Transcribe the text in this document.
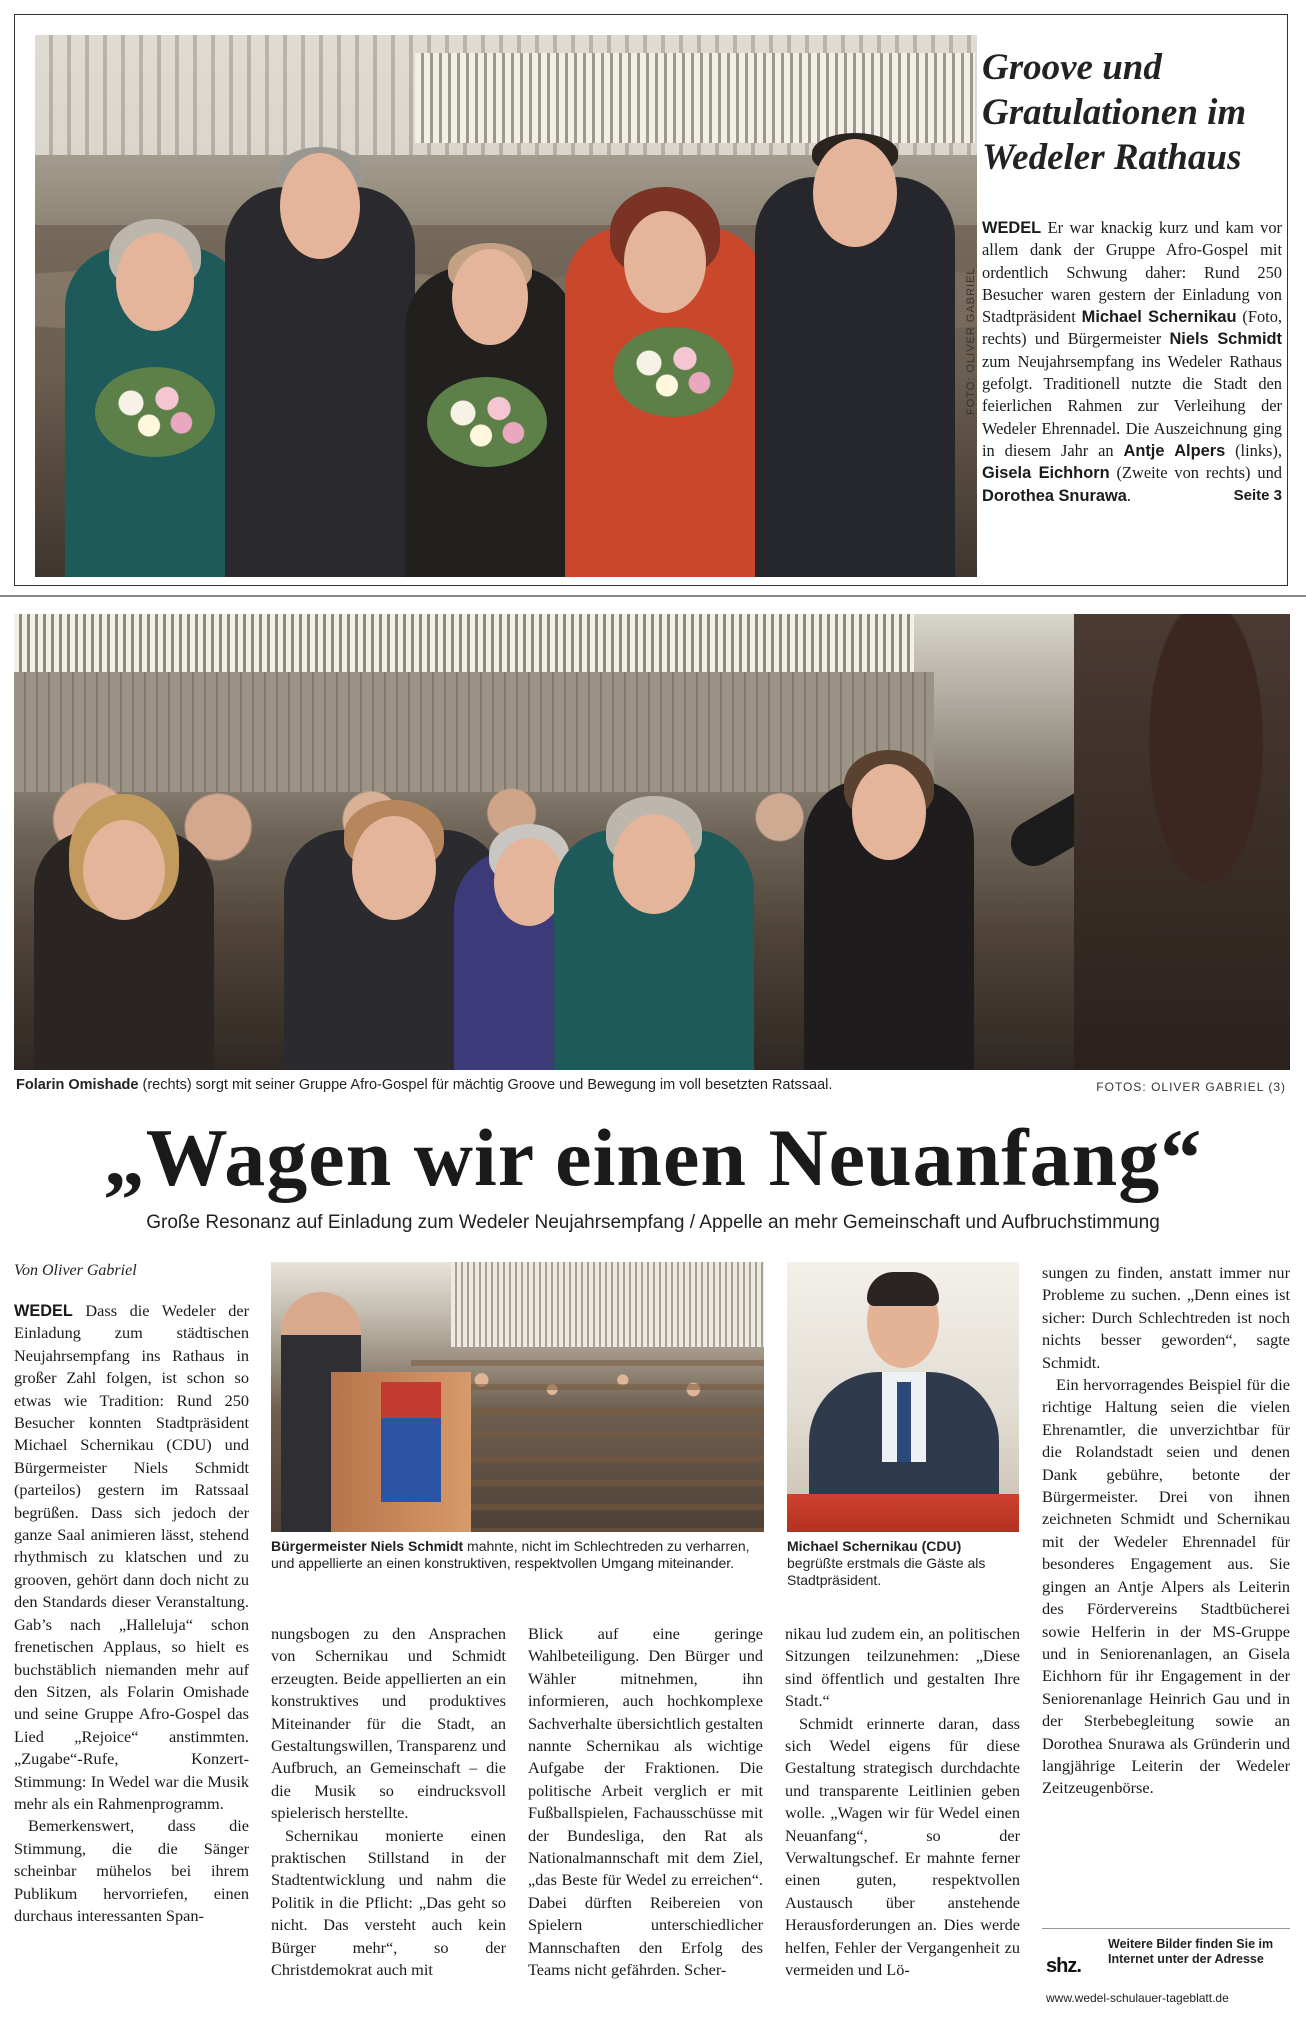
FOTO: OLIVER GABRIEL
Groove und Gratulationen im Wedeler Rathaus
WEDEL Er war knackig kurz und kam vor allem dank der Gruppe Afro-Gospel mit ordentlich Schwung daher: Rund 250 Besucher waren gestern der Einladung von Stadtpräsident Michael Schernikau (Foto, rechts) und Bürgermeister Niels Schmidt zum Neujahrsempfang ins Wedeler Rathaus gefolgt. Traditionell nutzte die Stadt den feierlichen Rahmen zur Verleihung der Wedeler Ehrennadel. Die Auszeichnung ging in diesem Jahr an Antje Alpers (links), Gisela Eichhorn (Zweite von rechts) und Dorothea Snurawa.	Seite 3
Folarin Omishade (rechts) sorgt mit seiner Gruppe Afro-Gospel für mächtig Groove und Bewegung im voll besetzten Ratssaal.	FOTOS: OLIVER GABRIEL (3)
„Wagen wir einen Neuanfang“
Große Resonanz auf Einladung zum Wedeler Neujahrsempfang / Appelle an mehr Gemeinschaft und Aufbruchstimmung
Von Oliver Gabriel

WEDEL Dass die Wedeler der Einladung zum städtischen Neujahrsempfang ins Rathaus in großer Zahl folgen, ist schon so etwas wie Tradition: Rund 250 Besucher konnten Stadtpräsident Michael Schernikau (CDU) und Bürgermeister Niels Schmidt (parteilos) gestern im Ratssaal begrüßen. Dass sich jedoch der ganze Saal animieren lässt, stehend rhythmisch zu klatschen und zu grooven, gehört dann doch nicht zu den Standards dieser Veranstaltung. Gab’s nach „Halleluja“ schon frenetischen Applaus, so hielt es buchstäblich niemanden mehr auf den Sitzen, als Folarin Omishade und seine Gruppe Afro-Gospel das Lied „Rejoice“ anstimmten. „Zugabe“-Rufe, Konzert-Stimmung: In Wedel war die Musik mehr als ein Rahmenprogramm.

Bemerkenswert, dass die Stimmung, die die Sänger scheinbar mühelos bei ihrem Publikum hervorriefen, einen durchaus interessanten Span-

Bürgermeister Niels Schmidt mahnte, nicht im Schlechtreden zu verharren, und appellierte an einen konstruktiven, respektvollen Umgang miteinander.
Michael Schernikau (CDU) begrüßte erstmals die Gäste als Stadtpräsident.

nungsbogen zu den Ansprachen von Schernikau und Schmidt erzeugten. Beide appellierten an ein konstruktives und produktives Miteinander für die Stadt, an Gestaltungswillen, Transparenz und Aufbruch, an Gemeinschaft – die die Musik so eindrucksvoll spielerisch herstellte.

Schernikau monierte einen praktischen Stillstand in der Stadtentwicklung und nahm die Politik in die Pflicht: „Das geht so nicht. Das versteht auch kein Bürger mehr“, so der Christdemokrat auch mit

Blick auf eine geringe Wahlbeteiligung. Den Bürger und Wähler mitnehmen, ihn informieren, auch hochkomplexe Sachverhalte übersichtlich gestalten nannte Schernikau als wichtige Aufgabe der Fraktionen. Die politische Arbeit verglich er mit Fußballspielen, Fachausschüsse mit der Bundesliga, den Rat als Nationalmannschaft mit dem Ziel, „das Beste für Wedel zu erreichen“. Dabei dürften Reibereien von Spielern unterschiedlicher Mannschaften den Erfolg des Teams nicht gefährden. Scher-

nikau lud zudem ein, an politischen Sitzungen teilzunehmen: „Diese sind öffentlich und gestalten Ihre Stadt.“

Schmidt erinnerte daran, dass sich Wedel eigens für diese Gestaltung strategisch durchdachte und transparente Leitlinien geben wolle. „Wagen wir für Wedel einen Neuanfang“, so der Verwaltungschef. Er mahnte ferner einen guten, respektvollen Austausch über anstehende Herausforderungen an. Dies werde helfen, Fehler der Vergangenheit zu vermeiden und Lö-

sungen zu finden, anstatt immer nur Probleme zu suchen. „Denn eines ist sicher: Durch Schlechtreden ist noch nichts besser geworden“, sagte Schmidt.

Ein hervorragendes Beispiel für die richtige Haltung seien die vielen Ehrenamtler, die unverzichtbar für die Rolandstadt seien und denen Dank gebühre, betonte der Bürgermeister. Drei von ihnen zeichneten Schmidt und Schernikau mit der Wedeler Ehrennadel für besonderes Engagement aus. Sie gingen an Antje Alpers als Leiterin des Fördervereins Stadtbücherei sowie Helferin in der MS-Gruppe und in Seniorenanlagen, an Gisela Eichhorn für ihr Engagement in der Seniorenanlage Heinrich Gau und in der Sterbebegleitung sowie an Dorothea Snurawa als Gründerin und langjährige Leiterin der Wedeler Zeitzeugenbörse.

shz.
Weitere Bilder finden Sie im Internet unter der Adresse
www.wedel-schulauer-tageblatt.de
